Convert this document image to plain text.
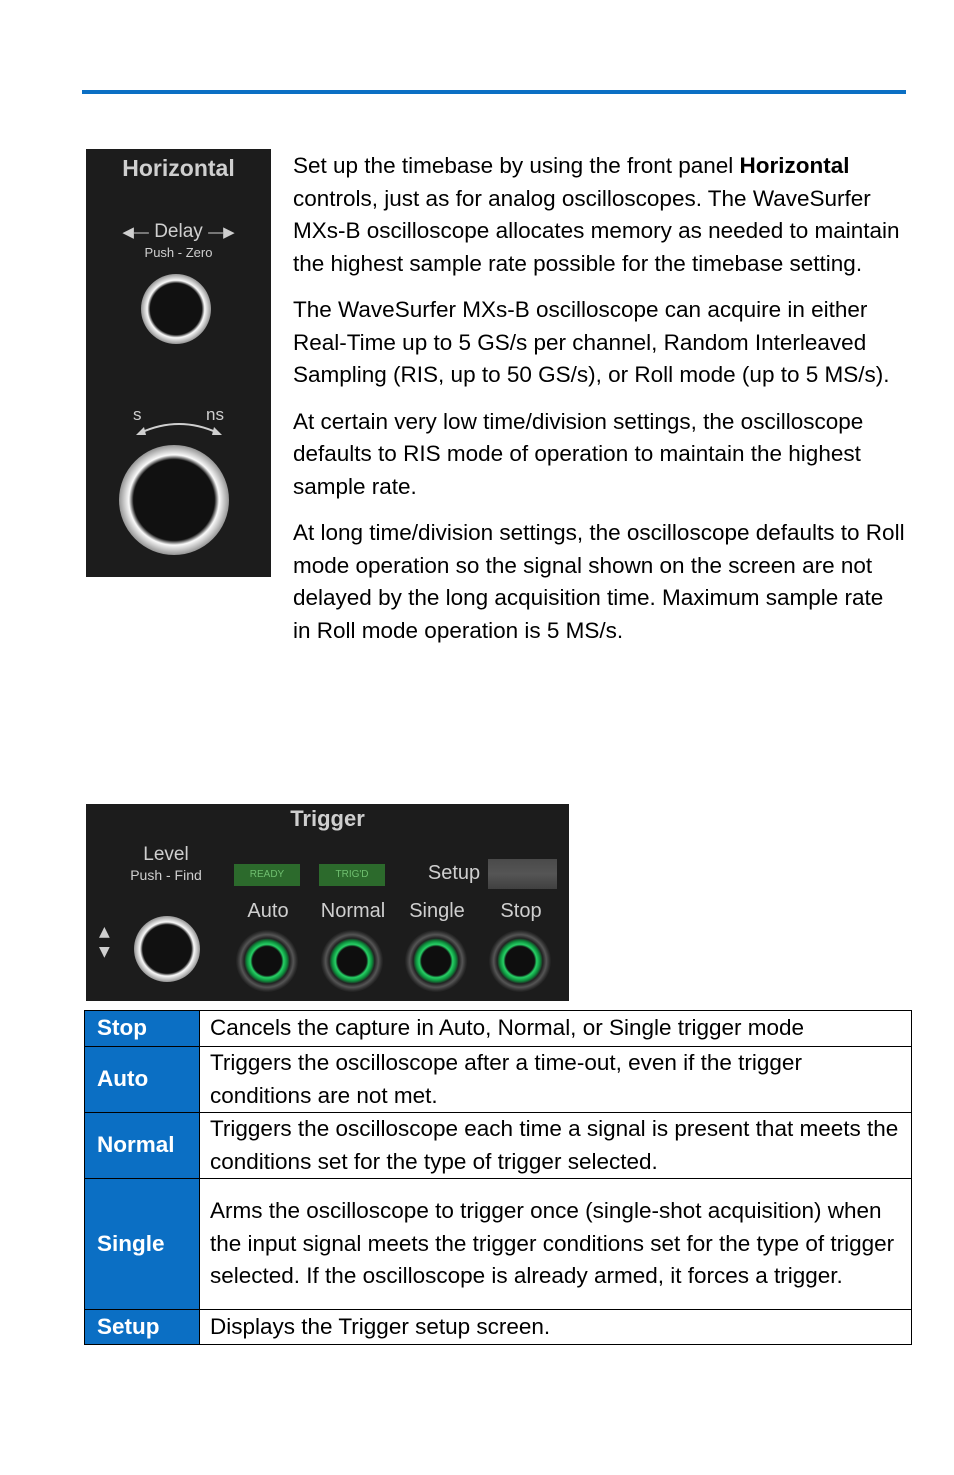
Horizontal
◀— Delay —▶
Push - Zero
s	ns

Set up the timebase by using the front panel Horizontal controls, just as for analog oscilloscopes. The WaveSurfer MXs-B oscilloscope allocates memory as needed to maintain the highest sample rate possible for the timebase setting.

The WaveSurfer MXs-B oscilloscope can acquire in either Real-Time up to 5 GS/s per channel, Random Interleaved Sampling (RIS, up to 50 GS/s), or Roll mode (up to 5 MS/s).

At certain very low time/division settings, the oscilloscope defaults to RIS mode of operation to maintain the highest sample rate.

At long time/division settings, the oscilloscope defaults to Roll mode operation so the signal shown on the screen are not delayed by the long acquisition time. Maximum sample rate in Roll mode operation is 5 MS/s.

Trigger
Level
Push - Find	READY	TRIG'D	Setup
Auto	Normal	Single	Stop
▲
▼
Stop	Cancels the capture in Auto, Normal, or Single trigger mode
Auto	Triggers the oscilloscope after a time-out, even if the trigger conditions are not met.
Normal	Triggers the oscilloscope each time a signal is present that meets the conditions set for the type of trigger selected.
Single	Arms the oscilloscope to trigger once (single-shot acquisition) when the input signal meets the trigger conditions set for the type of trigger selected. If the oscilloscope is already armed, it forces a trigger.
Setup	Displays the Trigger setup screen.
